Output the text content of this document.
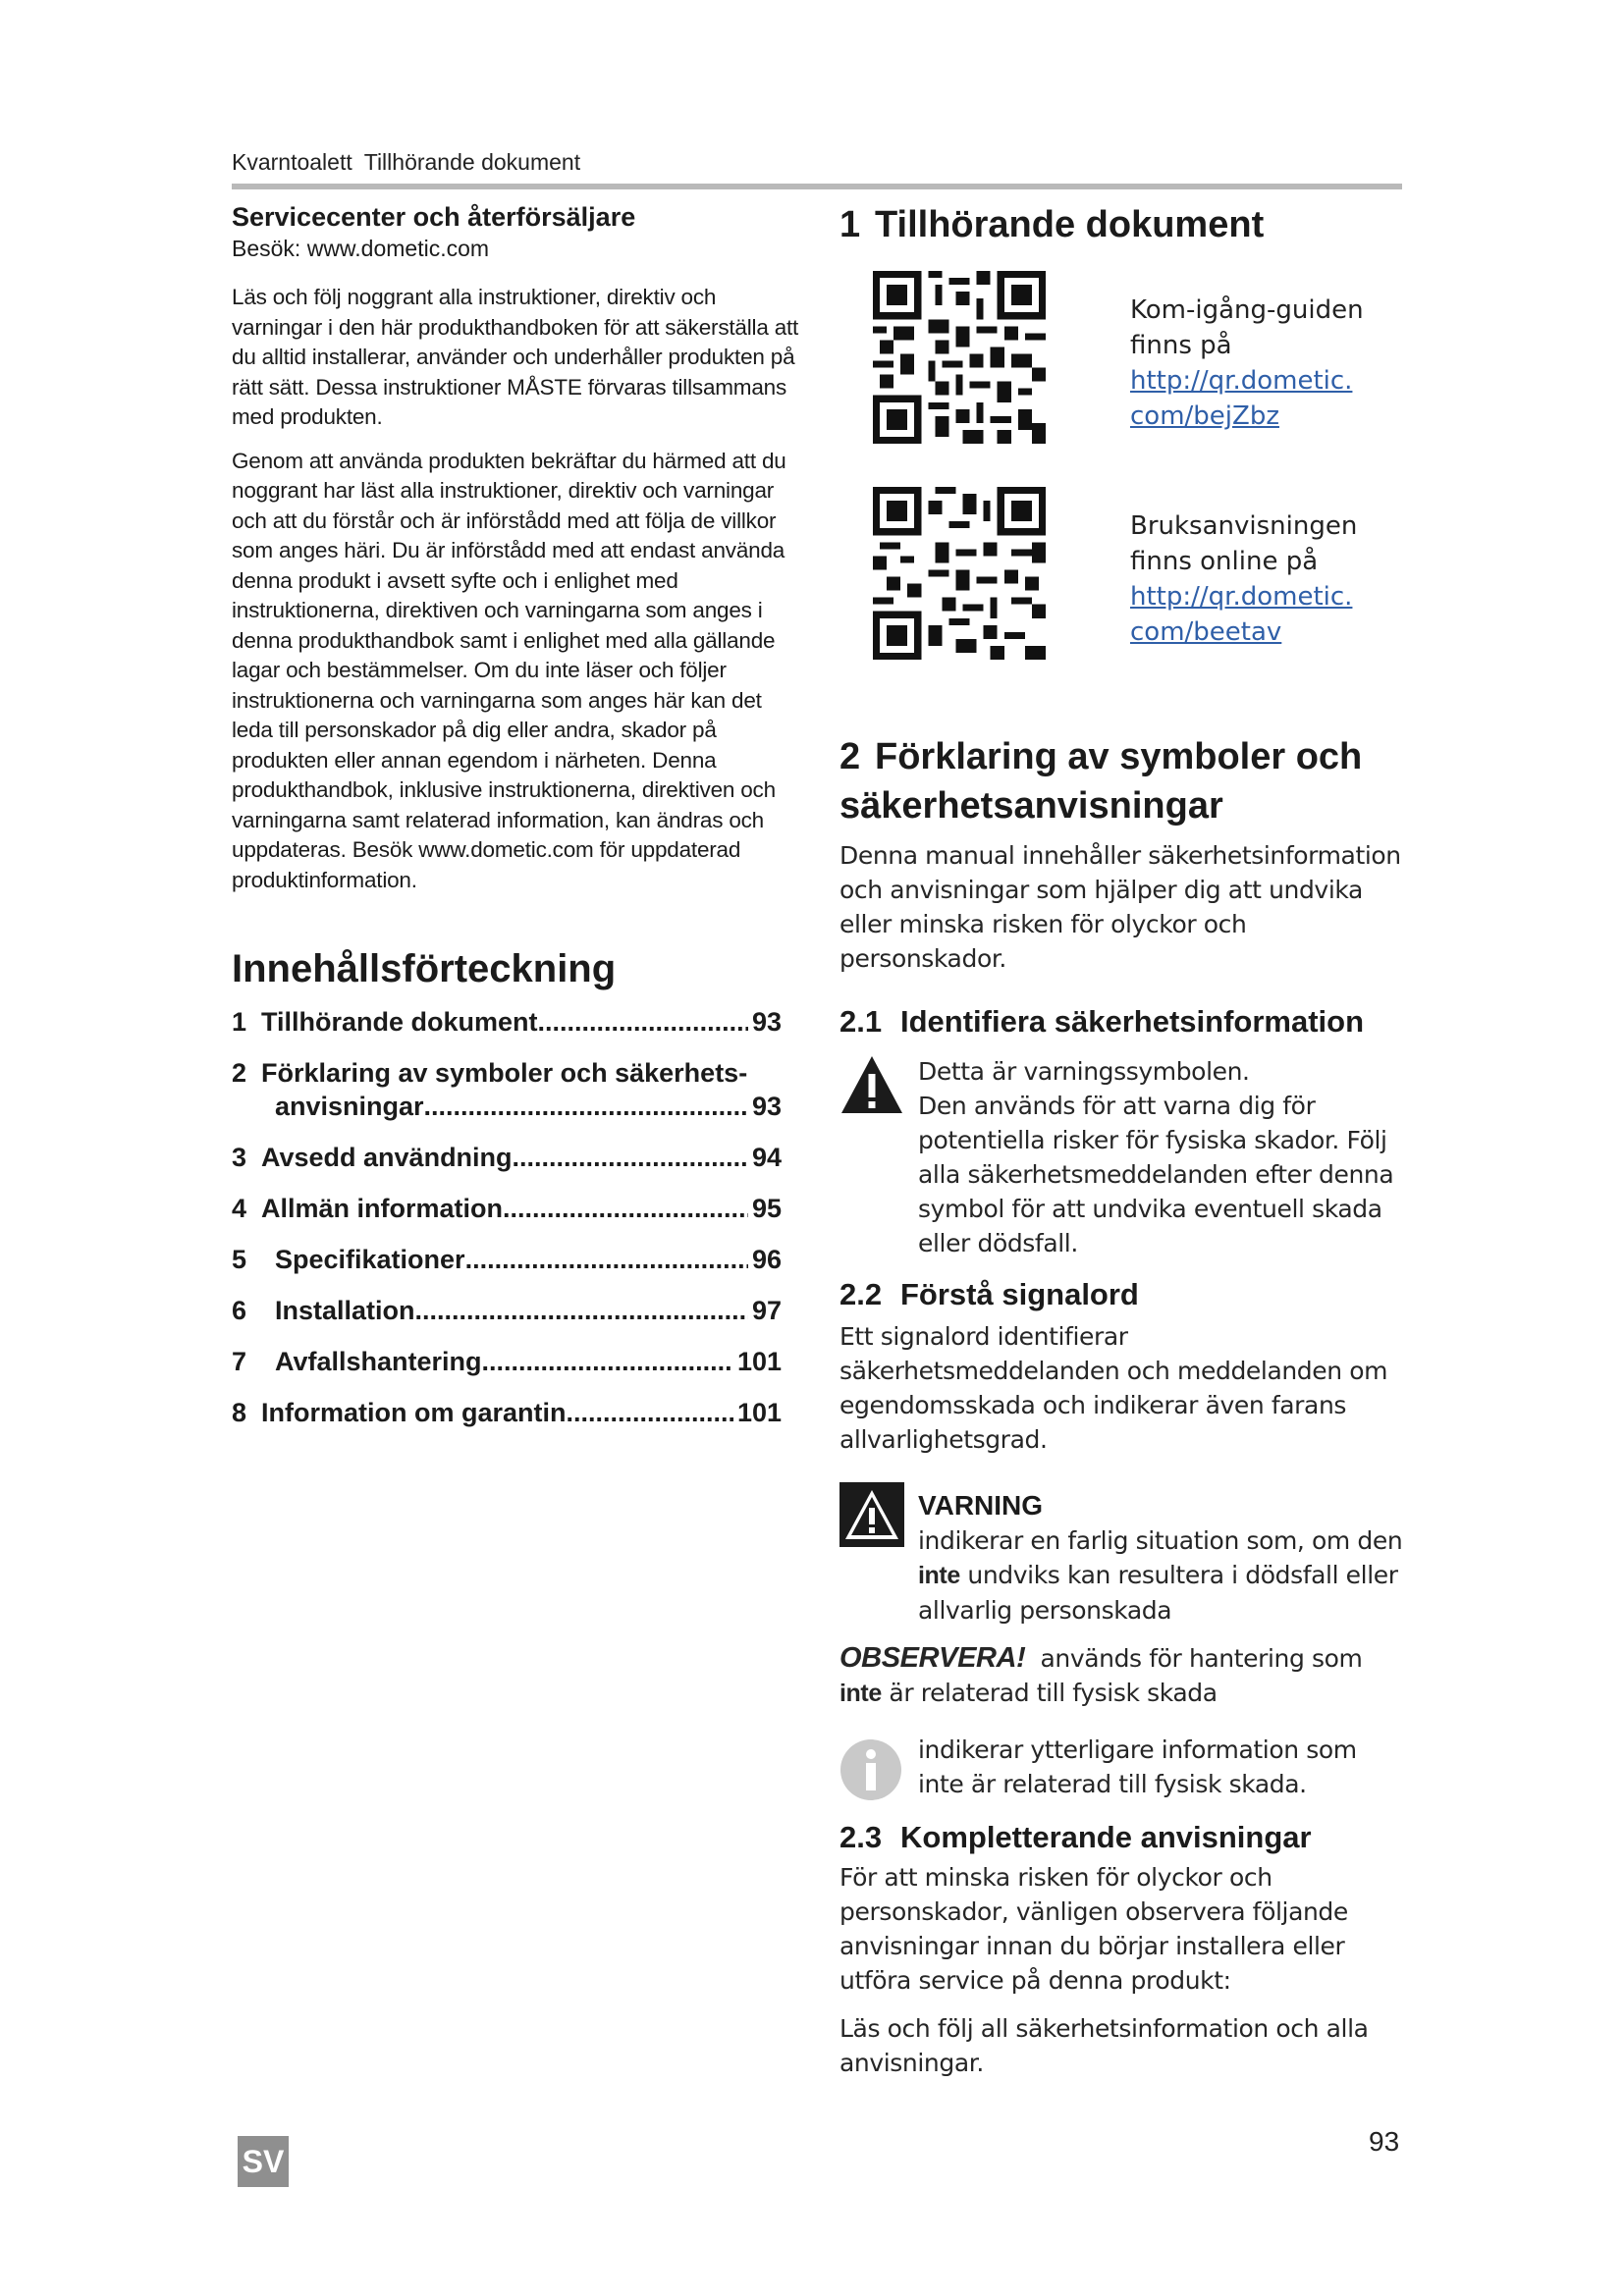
Kvarntoalett Tillhörande dokument

Servicecenter och återförsäljare

Besök: www.dometic.com

Läs och följ noggrant alla instruktioner, direktiv och varningar i den här produkthandboken för att säkerställa att du alltid installerar, använder och underhåller produkten på rätt sätt. Dessa instruktioner MÅSTE förvaras tillsammans med produkten.

Genom att använda produkten bekräftar du härmed att du noggrant har läst alla instruktioner, direktiv och varningar och att du förstår och är införstådd med att följa de villkor som anges häri. Du är införstådd med att endast använda denna produkt i avsett syfte och i enlighet med instruktionerna, direktiven och varningarna som anges i denna produkthandbok samt i enlighet med alla gällande lagar och bestämmelser. Om du inte läser och följer instruktionerna och varningarna som anges här kan det leda till personskador på dig eller andra, skador på produkten eller annan egendom i närheten. Denna produkthandbok, inklusive instruktionerna, direktiven och varningarna samt relaterad information, kan ändras och uppdateras. Besök www.dometic.com för uppdaterad produktinformation.

Innehållsförteckning
1 Tillhörande dokument .....	93
2 Förklaring av symboler och säkerhets-
anvisningar .....	93
3 Avsedd användning .....	94
4 Allmän information .....	95
5	Specifikationer .....	96
6	Installation .....	97
7	Avfallshantering .....	101
8 Information om garantin .....	101
1 Tillhörande dokument
Kom-igång-guiden
finns på
http://qr.dometic.
com/bejZbz
Bruksanvisningen
finns online på
http://qr.dometic.
com/beetav
2 Förklaring av symboler och
säkerhetsanvisningar

Denna manual innehåller säkerhetsinformation och anvisningar som hjälper dig att undvika eller minska risken för olyckor och personskador.

2.1 Identifiera säkerhetsinformation
Detta är varningssymbolen.
Den används för att varna dig för potentiella risker för fysiska skador. Följ alla säkerhetsmeddelanden efter denna symbol för att undvika eventuell skada eller dödsfall.
2.2 Förstå signalord

Ett signalord identifierar säkerhetsmeddelanden och meddelanden om egendomsskada och indikerar även farans allvarlighetsgrad.

VARNING
indikerar en farlig situation som, om den inte undviks kan resultera i dödsfall eller allvarlig personskada
OBSERVERA! används för hantering som inte är relaterad till fysisk skada
indikerar ytterligare information som inte är relaterad till fysisk skada.
2.3 Kompletterande anvisningar

För att minska risken för olyckor och personskador, vänligen observera följande anvisningar innan du börjar installera eller utföra service på denna produkt:

Läs och följ all säkerhetsinformation och alla anvisningar.

SV
93
